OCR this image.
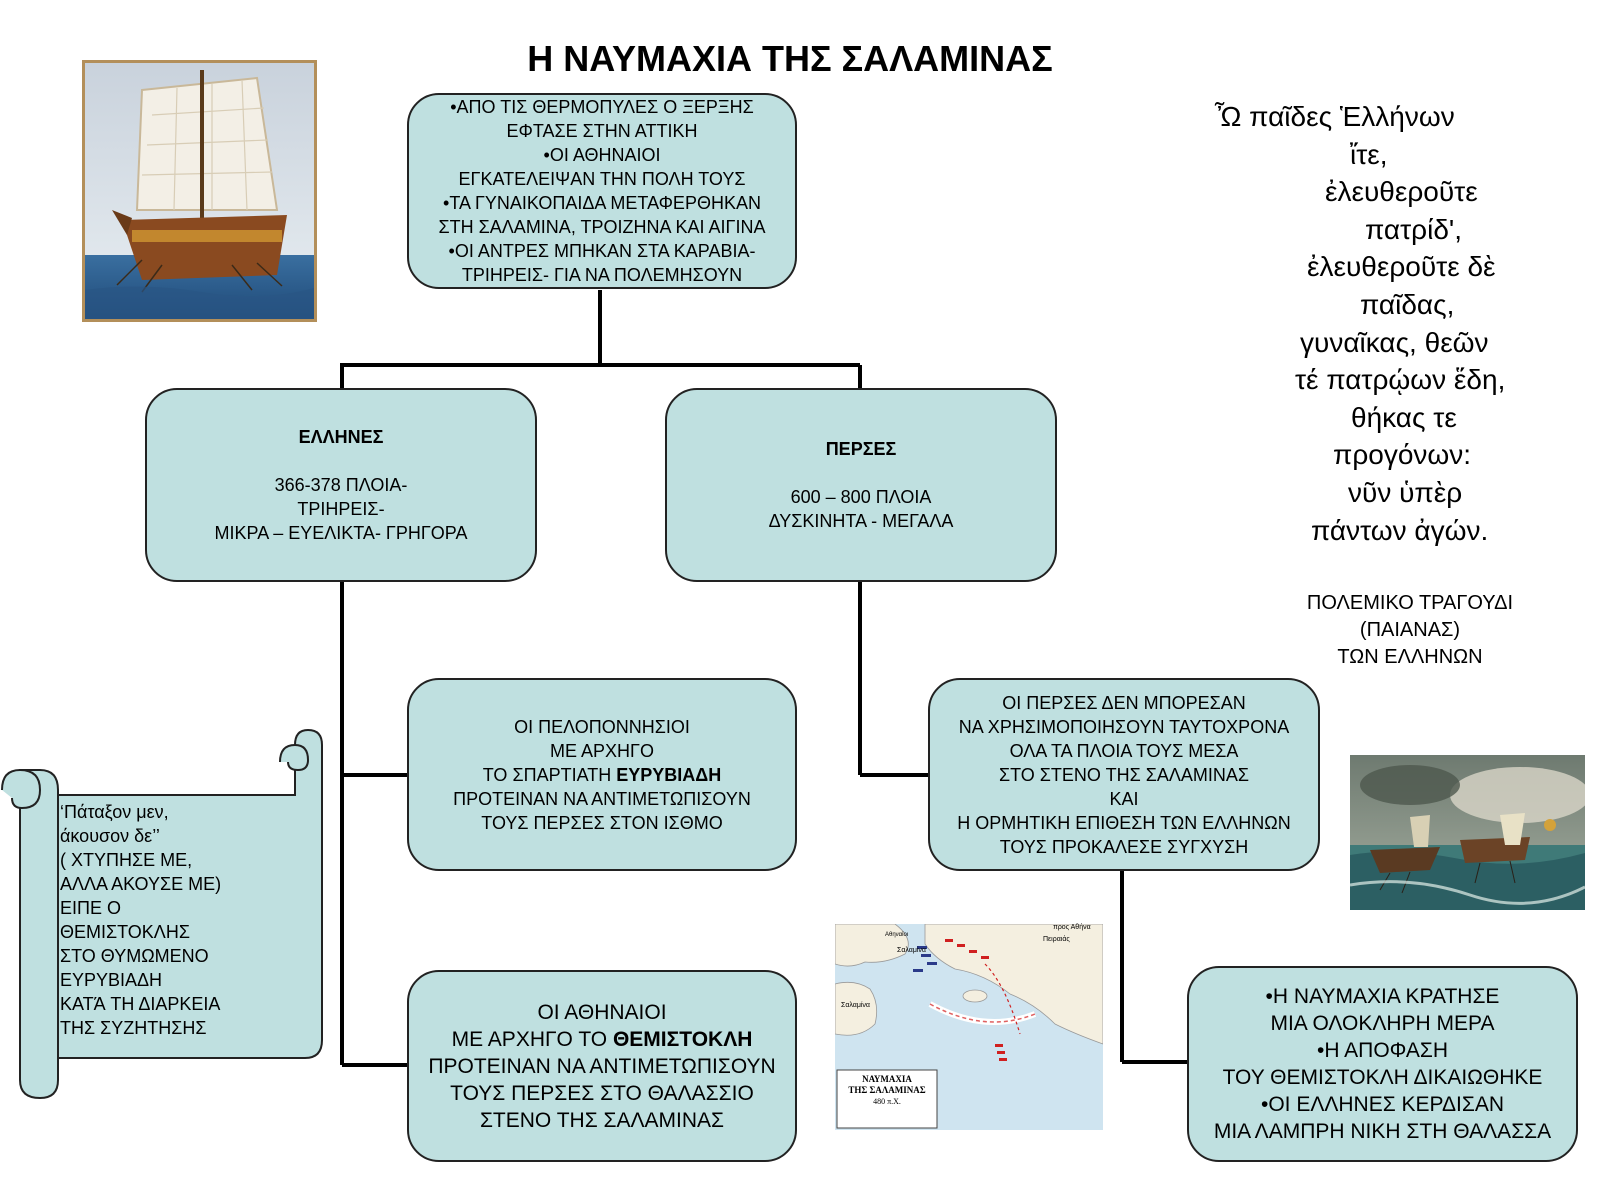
Η ΝΑΥΜΑΧΙΑ ΤΗΣ ΣΑΛΑΜΙΝΑΣ
•ΑΠΟ ΤΙΣ ΘΕΡΜΟΠΥΛΕΣ Ο ΞΕΡΞΗΣ
ΕΦΤΑΣΕ ΣΤΗΝ ΑΤΤΙΚΗ
•ΟΙ ΑΘΗΝΑΙΟΙ
ΕΓΚΑΤΕΛΕΙΨΑΝ ΤΗΝ ΠΟΛΗ ΤΟΥΣ
•ΤΑ ΓΥΝΑΙΚΟΠΑΙΔΑ ΜΕΤΑΦΕΡΘΗΚΑΝ
ΣΤΗ ΣΑΛΑΜΙΝΑ, ΤΡΟΙΖΗΝΑ ΚΑΙ ΑΙΓΙΝΑ
•ΟΙ ΑΝΤΡΕΣ ΜΠΗΚΑΝ ΣΤΑ ΚΑΡΑΒΙΑ-
ΤΡΙΗΡΕΙΣ- ΓΙΑ ΝΑ ΠΟΛΕΜΗΣΟΥΝ
ΕΛΛΗΝΕΣ
366-378 ΠΛΟΙΑ-
ΤΡΙΗΡΕΙΣ-
ΜΙΚΡΑ – ΕΥΕΛΙΚΤΑ- ΓΡΗΓΟΡΑ
ΠΕΡΣΕΣ
600 – 800 ΠΛΟΙΑ
ΔΥΣΚΙΝΗΤΑ - ΜΕΓΑΛΑ
ΟΙ ΠΕΛΟΠΟΝΝΗΣΙΟΙ
ΜΕ ΑΡΧΗΓΟ
ΤΟ ΣΠΑΡΤΙΑΤΗ ΕΥΡΥΒΙΑΔΗ
ΠΡΟΤΕΙΝΑΝ ΝΑ ΑΝΤΙΜΕΤΩΠΙΣΟΥΝ
ΤΟΥΣ ΠΕΡΣΕΣ ΣΤΟΝ ΙΣΘΜΟ
ΟΙ ΑΘΗΝΑΙΟΙ
ΜΕ ΑΡΧΗΓΟ ΤΟ ΘΕΜΙΣΤΟΚΛΗ
ΠΡΟΤΕΙΝΑΝ ΝΑ ΑΝΤΙΜΕΤΩΠΙΣΟΥΝ
ΤΟΥΣ ΠΕΡΣΕΣ ΣΤΟ ΘΑΛΑΣΣΙΟ
ΣΤΕΝΟ ΤΗΣ ΣΑΛΑΜΙΝΑΣ
ΟΙ ΠΕΡΣΕΣ ΔΕΝ ΜΠΟΡΕΣΑΝ
ΝΑ ΧΡΗΣΙΜΟΠΟΙΗΣΟΥΝ ΤΑΥΤΟΧΡΟΝΑ
ΟΛΑ ΤΑ ΠΛΟΙΑ ΤΟΥΣ ΜΕΣΑ
ΣΤΟ ΣΤΕΝΟ ΤΗΣ ΣΑΛΑΜΙΝΑΣ
ΚΑΙ
Η ΟΡΜΗΤΙΚΗ ΕΠΙΘΕΣΗ ΤΩΝ ΕΛΛΗΝΩΝ
ΤΟΥΣ ΠΡΟΚΑΛΕΣΕ ΣΥΓΧΥΣΗ
•Η ΝΑΥΜΑΧΙΑ ΚΡΑΤΗΣΕ
ΜΙΑ ΟΛΟΚΛΗΡΗ ΜΕΡΑ
•Η ΑΠΟΦΑΣΗ
ΤΟΥ ΘΕΜΙΣΤΟΚΛΗ ΔΙΚΑΙΩΘΗΚΕ
•ΟΙ ΕΛΛΗΝΕΣ ΚΕΡΔΙΣΑΝ
ΜΙΑ ΛΑΜΠΡΗ ΝΙΚΗ ΣΤΗ ΘΑΛΑΣΣΑ
Ὦ παῖδες Ἑλλήνων
ἴτε,
ἐλευθεροῦτε
πατρίδ',
ἐλευθεροῦτε δὲ
παῖδας,
γυναῖκας, θεῶν
τέ πατρῴων ἕδη,
θήκας τε
προγόνων:
νῦν ὑπὲρ
πάντων ἀγών.
ΠΟΛΕΜΙΚΟ ΤΡΑΓΟΥΔΙ
(ΠΑΙΑΝΑΣ)
ΤΩΝ ΕΛΛΗΝΩΝ
‘Πάταξον μεν,
άκουσον δε’’
( ΧΤΥΠΗΣΕ ΜΕ,
ΑΛΛΑ ΑΚΟΥΣΕ ΜΕ)
ΕΙΠΕ Ο
ΘΕΜΙΣΤΟΚΛΗΣ
ΣΤΟ ΘΥΜΩΜΕΝΟ
ΕΥΡΥΒΙΑΔΗ
ΚΑΤΆ ΤΗ ΔΙΑΡΚΕΙΑ
ΤΗΣ ΣΥΖΗΤΗΣΗΣ
Σαλαμίνα
Σαλαμίνα
Πειραιάς
προς Αθήνα
Αθηναίοι
ΝΑΥΜΑΧΙΑ
ΤΗΣ ΣΑΛΑΜΙΝΑΣ
480 π.Χ.
